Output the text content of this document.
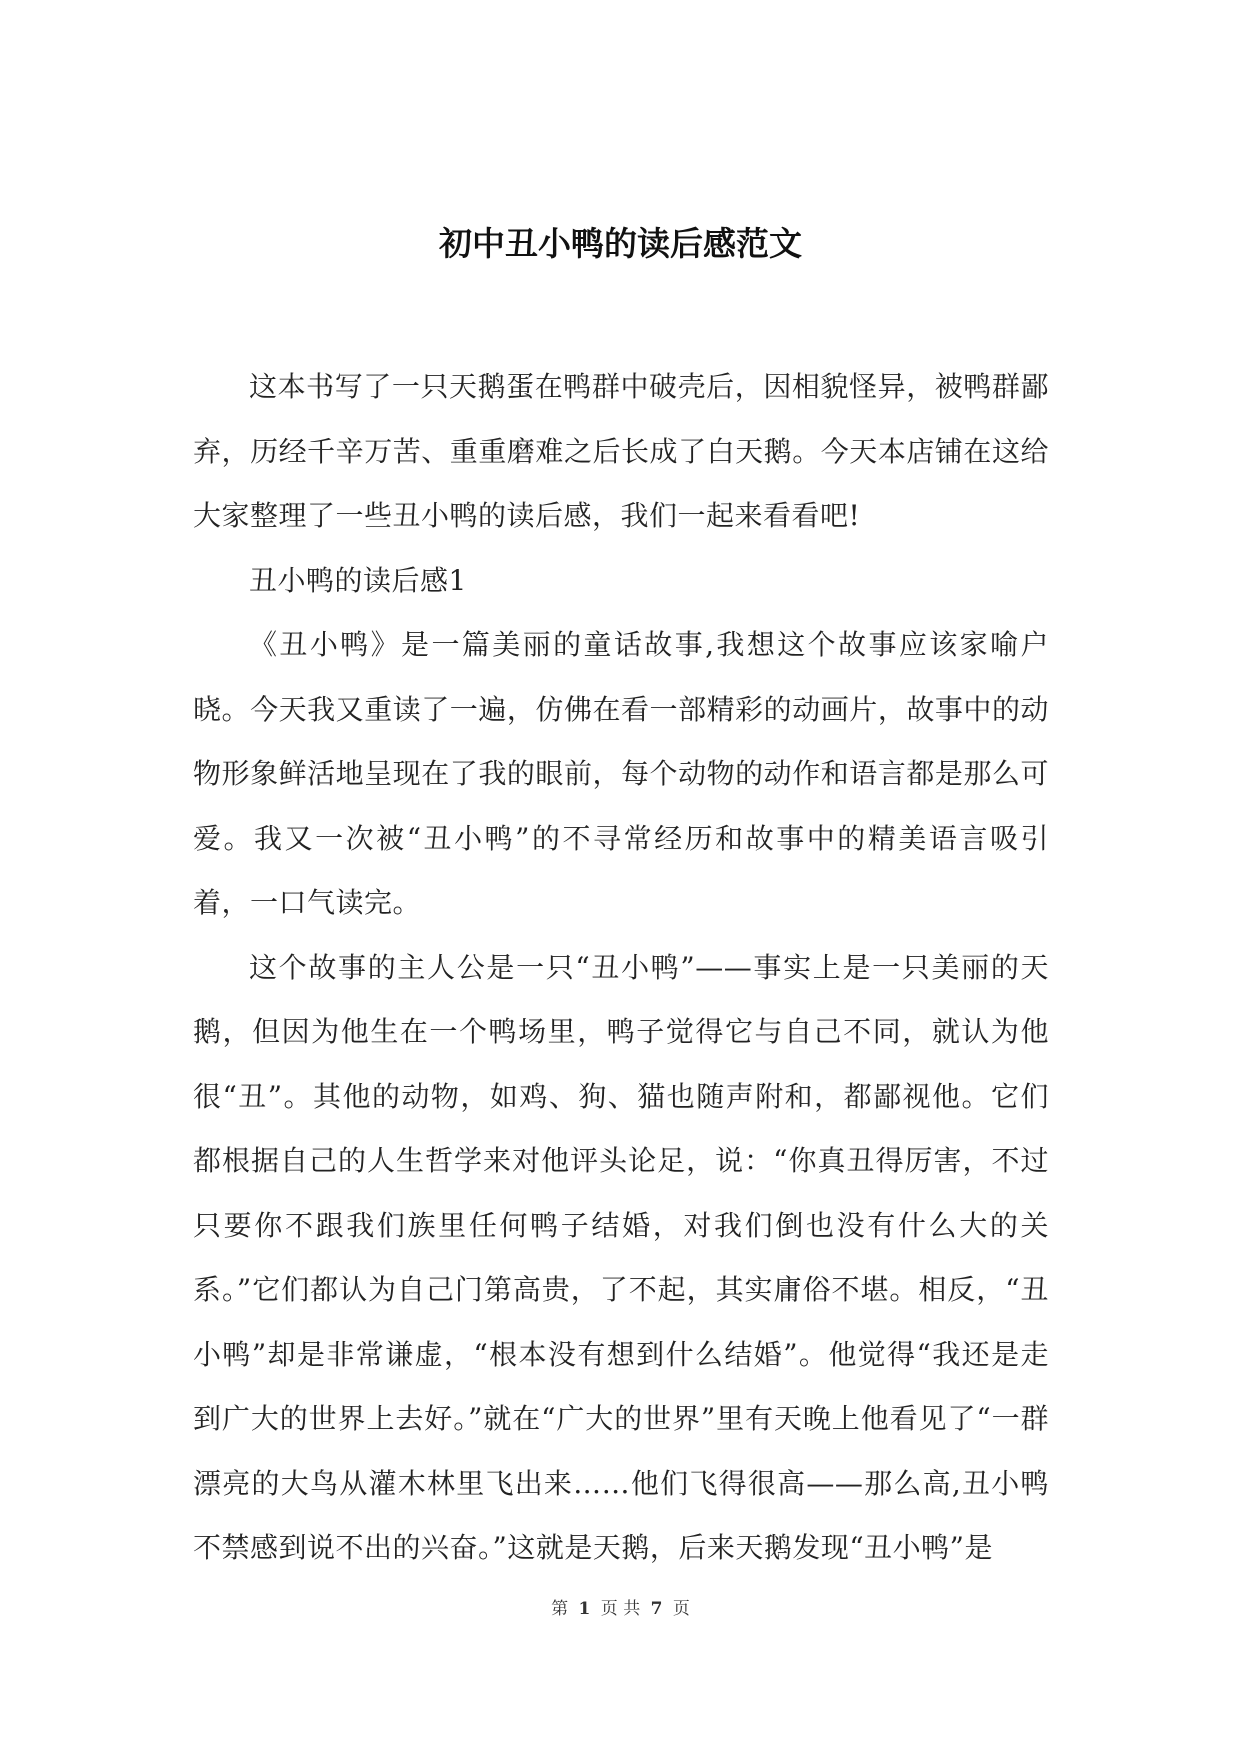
初中丑小鸭的读后感范文

这本书写了一只天鹅蛋在鸭群中破壳后，因相貌怪异，被鸭群鄙弃，历经千辛万苦、重重磨难之后长成了白天鹅。今天本店铺在这给大家整理了一些丑小鸭的读后感，我们一起来看看吧!

丑小鸭的读后感1

《丑小鸭》是一篇美丽的童话故事,我想这个故事应该家喻户晓。今天我又重读了一遍，仿佛在看一部精彩的动画片，故事中的动物形象鲜活地呈现在了我的眼前，每个动物的动作和语言都是那么可爱。我又一次被“丑小鸭”的不寻常经历和故事中的精美语言吸引着，一口气读完。

这个故事的主人公是一只“丑小鸭”——事实上是一只美丽的天鹅，但因为他生在一个鸭场里，鸭子觉得它与自己不同，就认为他很“丑”。其他的动物，如鸡、狗、猫也随声附和，都鄙视他。它们都根据自己的人生哲学来对他评头论足，说：“你真丑得厉害，不过只要你不跟我们族里任何鸭子结婚，对我们倒也没有什么大的关系。”它们都认为自己门第高贵，了不起，其实庸俗不堪。相反，“丑小鸭”却是非常谦虚，“根本没有想到什么结婚”。他觉得“我还是走到广大的世界上去好。”就在“广大的世界”里有天晚上他看见了“一群漂亮的大鸟从灌木林里飞出来……他们飞得很高——那么高,丑小鸭不禁感到说不出的兴奋。”这就是天鹅，后来天鹅发现“丑小鸭”是

第 1 页 共 7 页
